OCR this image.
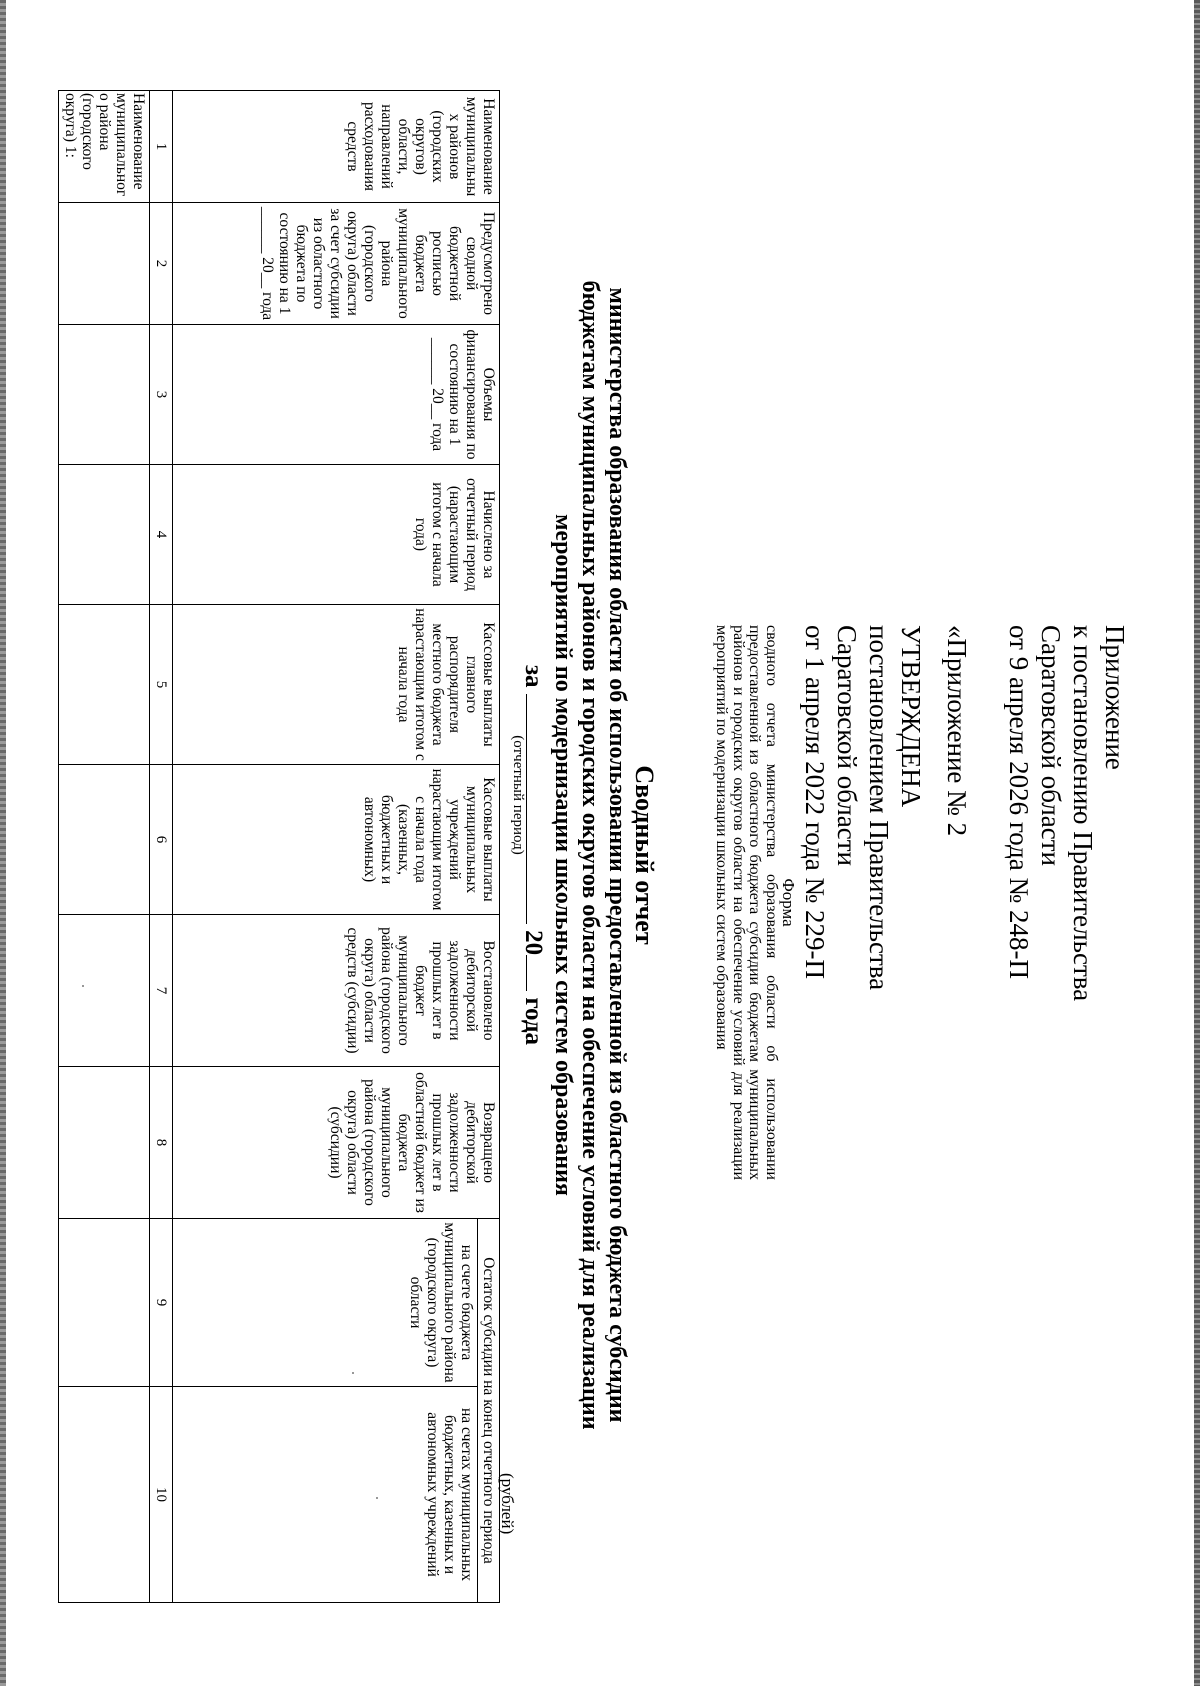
Приложение
к постановлению Правительства
Саратовской области
от 9 апреля 2026 года № 248-П
«Приложение № 2
УТВЕРЖДЕНА
постановлением Правительства
Саратовской области
от 1 апреля 2022 года № 229-П
Форма
сводного отчета министерства образования области об использовании предоставленной из областного бюджета субсидии бюджетам муниципальных районов и городских округов области на обеспечение условий для реализации мероприятий по модернизации школьных систем образования
Сводный отчет
министерства образования области об использовании предоставленной из областного бюджета субсидии
бюджетам муниципальных районов и городских округов области на обеспечение условий для реализации
мероприятий по модернизации школьных систем образования
за  20 года
(отчетный период)
(рублей)
Наименование муниципальных районов (городских округов) области, направлений расходования средств	Предусмотрено сводной бюджетной росписью бюджета муниципального района (городского округа) области за счет субсидии из областного бюджета по состоянию на 1 ______ 20__ года	Объемы финансирования по состоянию на 1 ______ 20__ года	Начислено за отчетный период (нарастающим итогом с начала года)	Кассовые выплаты главного распорядителя местного бюджета нарастающим итогом с начала года	Кассовые выплаты муниципальных учреждений нарастающим итогом с начала года (казенных, бюджетных и автономных)	Восстановлено дебиторской задолженности прошлых лет в бюджет муниципального района (городского округа) области средств (субсидии)	Возвращено дебиторской задолженности прошлых лет в областной бюджет из бюджета муниципального района (городского округа) области (субсидии)	Остаток субсидии на конец отчетного периода	
								на счете бюджета муниципального района (городского округа) области	на счетах муниципальных бюджетных, казенных и автономных учреждений
1	2	3	4	5	6	7	8	9	10
Наименование муниципального района (городского округа) 1:									
